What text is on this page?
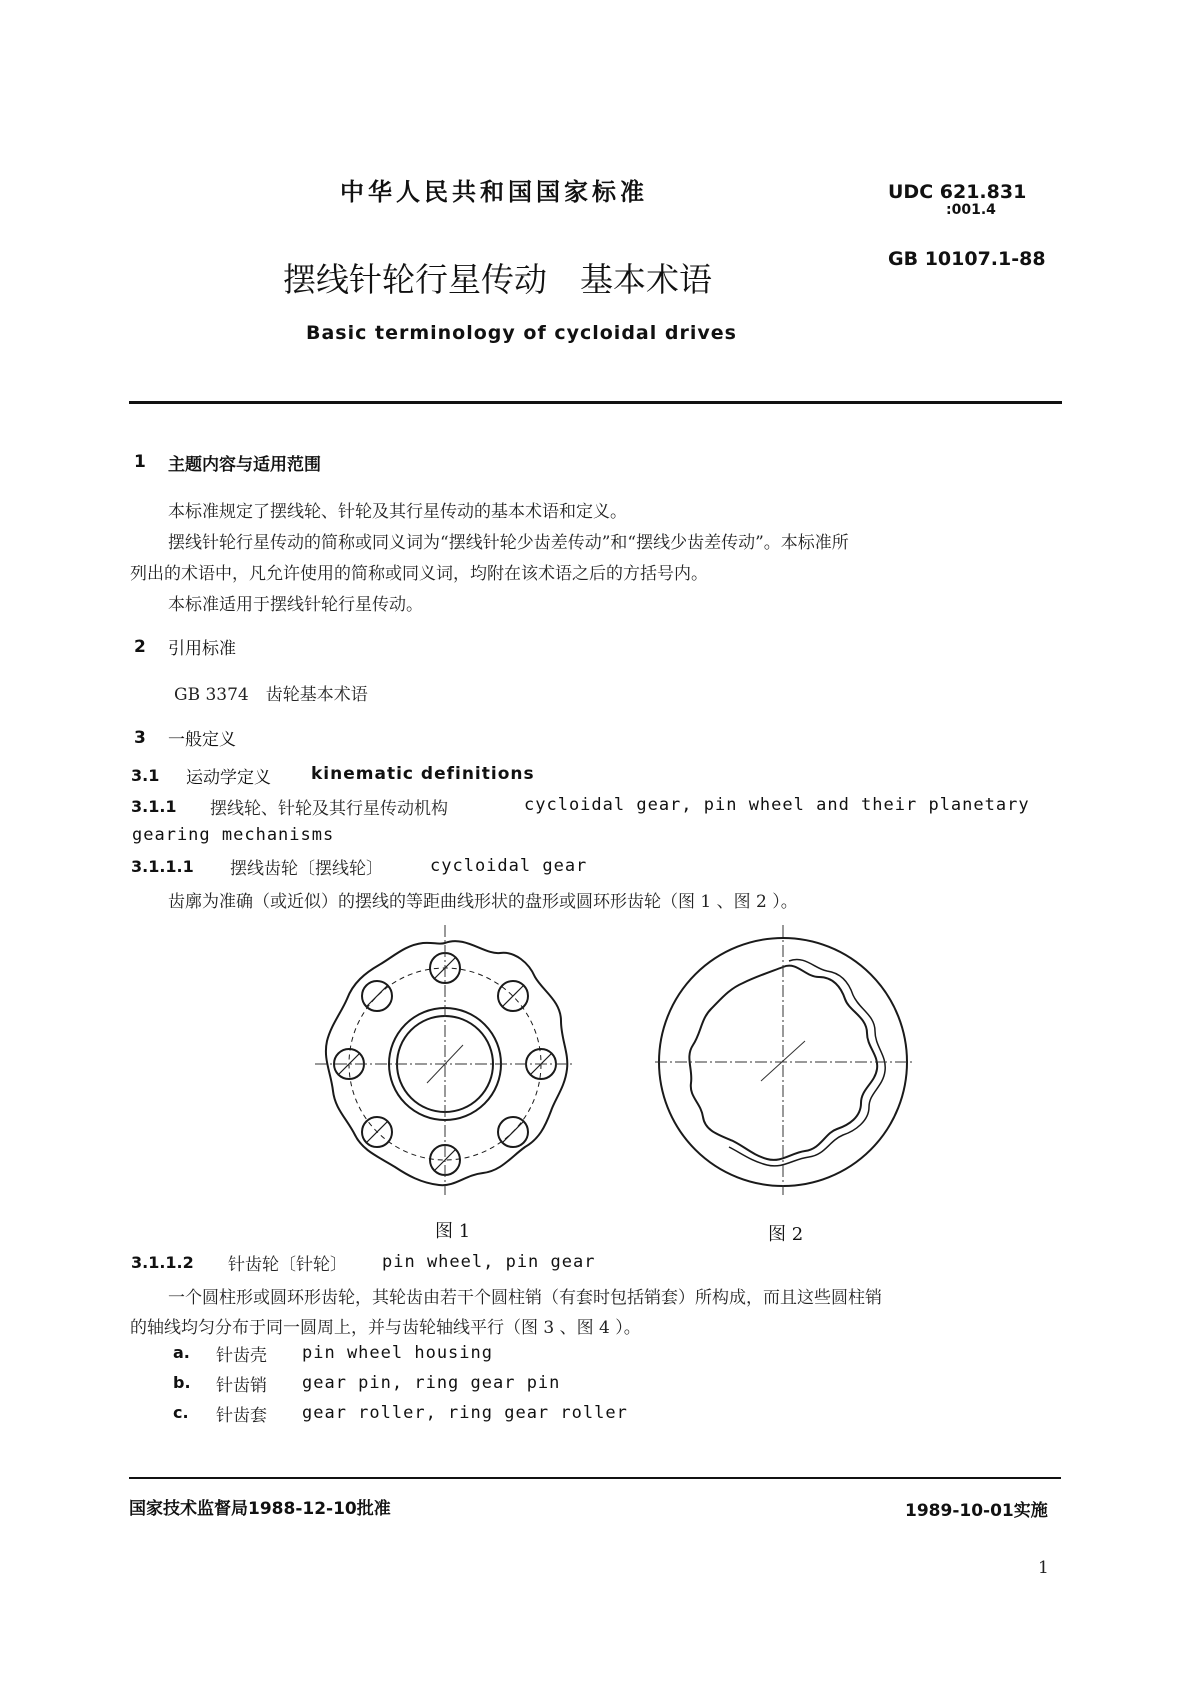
中华人民共和国国家标准	UDC 621.831
:001.4
GB 10107.1-88
摆线针轮行星传动　基本术语
Basic terminology of cycloidal drives
1 主题内容与适用范围
本标准规定了摆线轮、针轮及其行星传动的基本术语和定义。
摆线针轮行星传动的简称或同义词为“摆线针轮少齿差传动”和“摆线少齿差传动”。本标准所
列出的术语中，凡允许使用的简称或同义词，均附在该术语之后的方括号内。
本标准适用于摆线针轮行星传动。
2 引用标准
GB 3374　齿轮基本术语
3 一般定义
3.1 运动学定义 kinematic definitions
3.1.1 摆线轮、针轮及其行星传动机构	cycloidal gear, pin wheel and their planetary
gearing mechanisms
3.1.1.1 摆线齿轮〔摆线轮〕	cycloidal gear
齿廓为准确（或近似）的摆线的等距曲线形状的盘形或圆环形齿轮（图 1 、图 2 ）。
图 1	图 2
3.1.1.2 针齿轮〔针轮〕 pin wheel, pin gear
一个圆柱形或圆环形齿轮，其轮齿由若干个圆柱销（有套时包括销套）所构成，而且这些圆柱销
的轴线均匀分布于同一圆周上，并与齿轮轴线平行（图 3 、图 4 ）。
a. 针齿壳 pin wheel housing
b. 针齿销 gear pin, ring gear pin
c. 针齿套 gear roller, ring gear roller
国家技术监督局1988-12-10批准	1989-10-01实施
1
